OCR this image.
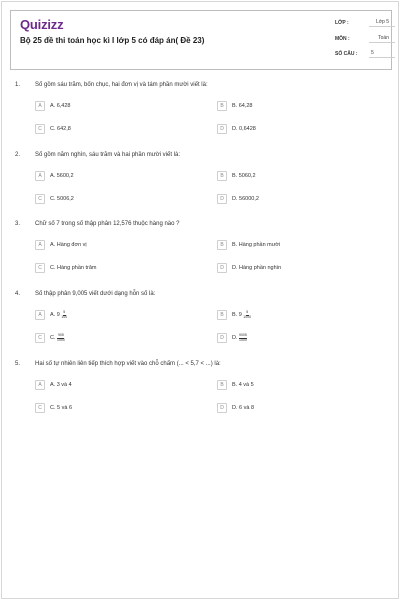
Quizizz
Bộ 25 đề thi toán học kì I lớp 5 có đáp án( Đề 23)
LỚP :	Lớp 5
MÔN :	Toán
SỐ CÂU :	5
1. Số gồm sáu trăm, bốn chục, hai đơn vị và tám phần mười viết là:
A	A. 6,428	B	B. 64,28
C	C. 642,8	D	D. 0,6428
2. Số gồm năm nghìn, sáu trăm và hai phần mười viết là:
A	A. 5600,2	B	B. 5060,2
C	C. 5006,2	D	D. 56000,2
3. Chữ số 7 trong số thập phân 12,576 thuộc hàng nào ?
A	A. Hàng đơn vị	B	B. Hàng phần mười
C	C. Hàng phần trăm	D	D. Hàng phần nghìn
4. Số thập phân 9,005 viết dưới dạng hỗn số là:
A	A. $9 \frac{5}{100}$	B	B. $9 \frac{5}{1000}$
C	C. $\frac{905}{1000}$	D	D. $\frac{9005}{1000}$
5. Hai số tự nhiên liên tiếp thích hợp viết vào chỗ chấm (... < 5,7 < ...) là:
A	A. 3 và 4	B	B. 4 và 5
C	C. 5 và 6	D	D. 6 và 8
